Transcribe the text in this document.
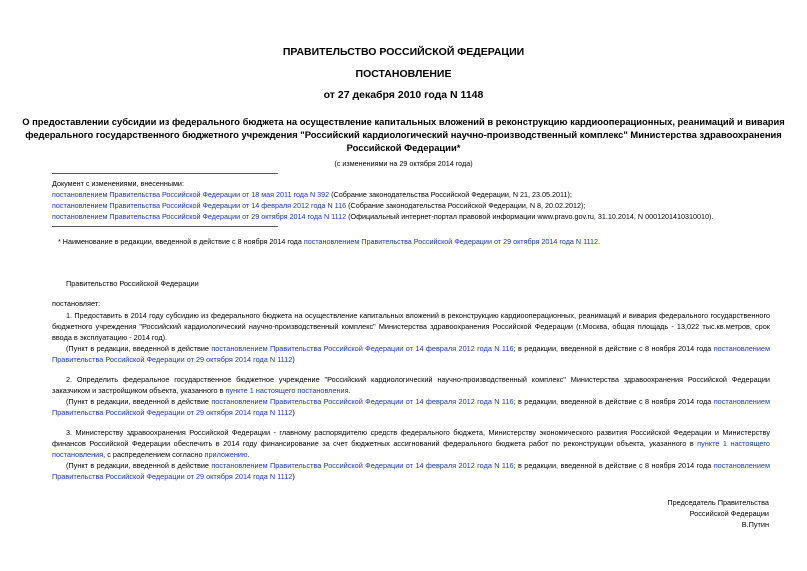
ПРАВИТЕЛЬСТВО РОССИЙСКОЙ ФЕДЕРАЦИИ
ПОСТАНОВЛЕНИЕ
от 27 декабря 2010 года N 1148
О предоставлении субсидии из федерального бюджета на осуществление капитальных вложений в реконструкцию кардиооперационных, реанимаций и вивария
федерального государственного бюджетного учреждения "Российский кардиологический научно-производственный комплекс" Министерства здравоохранения
Российской Федерации*
(с изменениями на 29 октября 2014 года)
Документ с изменениями, внесенными:
постановлением Правительства Российской Федерации от 18 мая 2011 года N 392 (Собрание законодательства Российской Федерации, N 21, 23.05.2011);
постановлением Правительства Российской Федерации от 14 февраля 2012 года N 116 (Собрание законодательства Российской Федерации, N 8, 20.02.2012);
постановлением Правительства Российской Федерации от 29 октября 2014 года N 1112 (Официальный интернет-портал правовой информации www.pravo.gov.ru, 31.10.2014, N 0001201410310010).
* Наименование в редакции, введенной в действие с 8 ноября 2014 года постановлением Правительства Российской Федерации от 29 октября 2014 года N 1112.
Правительство Российской Федерации
постановляет:
1. Предоставить в 2014 году субсидию из федерального бюджета на осуществление капитальных вложений в реконструкцию кардиооперационных, реанимаций и вивария федерального государственного бюджетного учреждения "Российский кардиологический научно-производственный комплекс" Министерства здравоохранения Российской Федерации (г.Москва, общая площадь - 13,022 тыс.кв.метров, срок ввода в эксплуатацию - 2014 год).
(Пункт в редакции, введенной в действие постановлением Правительства Российской Федерации от 14 февраля 2012 года N 116; в редакции, введенной в действие с 8 ноября 2014 года постановлением Правительства Российской Федерации от 29 октября 2014 года N 1112)
2. Определить федеральное государственное бюджетное учреждение "Российский кардиологический научно-производственный комплекс" Министерства здравоохранения Российской Федерации заказчиком и застройщиком объекта, указанного в пункте 1 настоящего постановления.
(Пункт в редакции, введенной в действие постановлением Правительства Российской Федерации от 14 февраля 2012 года N 116; в редакции, введенной в действие с 8 ноября 2014 года постановлением Правительства Российской Федерации от 29 октября 2014 года N 1112)
3. Министерству здравоохранения Российской Федерации - главному распорядителю средств федерального бюджета, Министерству экономического развития Российской Федерации и Министерству финансов Российской Федерации обеспечить в 2014 году финансирование за счет бюджетных ассигнований федерального бюджета работ по реконструкции объекта, указанного в пункте 1 настоящего постановления, с распределением согласно приложению.
(Пункт в редакции, введенной в действие постановлением Правительства Российской Федерации от 14 февраля 2012 года N 116; в редакции, введенной в действие с 8 ноября 2014 года постановлением Правительства Российской Федерации от 29 октября 2014 года N 1112)
Председатель Правительства
Российской Федерации
В.Путин
